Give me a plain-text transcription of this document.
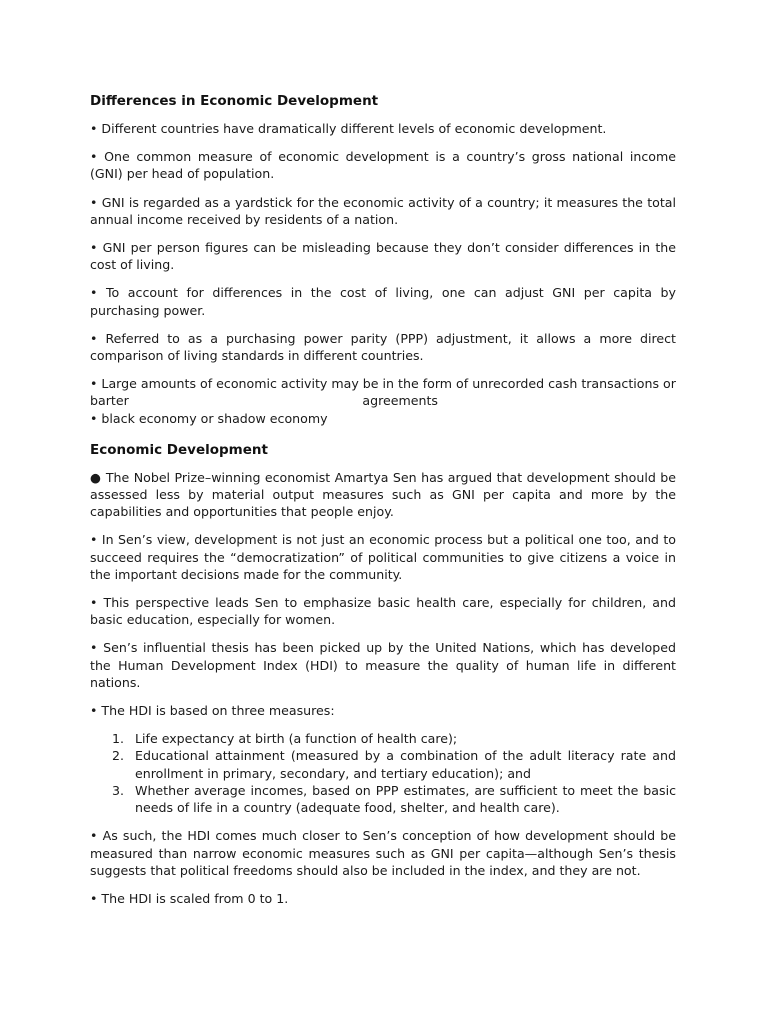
Differences in Economic Development

• Different countries have dramatically different levels of economic development.

• One common measure of economic development is a country’s gross national income (GNI) per head of population.

• GNI is regarded as a yardstick for the economic activity of a country; it measures the total annual income received by residents of a nation.

• GNI per person figures can be misleading because they don’t consider differences in the cost of living.

• To account for differences in the cost of living, one can adjust GNI per capita by purchasing power.

• Referred to as a purchasing power parity (PPP) adjustment, it allows a more direct comparison of living standards in different countries.

• Large amounts of economic activity may be in the form of unrecorded cash transactions or

barter	agreements

• black economy or shadow economy

Economic Development

● The Nobel Prize–winning economist Amartya Sen has argued that development should be assessed less by material output measures such as GNI per capita and more by the capabilities and opportunities that people enjoy.

• In Sen’s view, development is not just an economic process but a political one too, and to succeed requires the “democratization” of political communities to give citizens a voice in the important decisions made for the community.

• This perspective leads Sen to emphasize basic health care, especially for children, and basic education, especially for women.

• Sen’s influential thesis has been picked up by the United Nations, which has developed the Human Development Index (HDI) to measure the quality of human life in different nations.

• The HDI is based on three measures:

1. Life expectancy at birth (a function of health care);
2. Educational attainment (measured by a combination of the adult literacy rate and enrollment in primary, secondary, and tertiary education); and
3. Whether average incomes, based on PPP estimates, are sufficient to meet the basic needs of life in a country (adequate food, shelter, and health care).

• As such, the HDI comes much closer to Sen’s conception of how development should be measured than narrow economic measures such as GNI per capita—although Sen’s thesis suggests that political freedoms should also be included in the index, and they are not.

• The HDI is scaled from 0 to 1.
